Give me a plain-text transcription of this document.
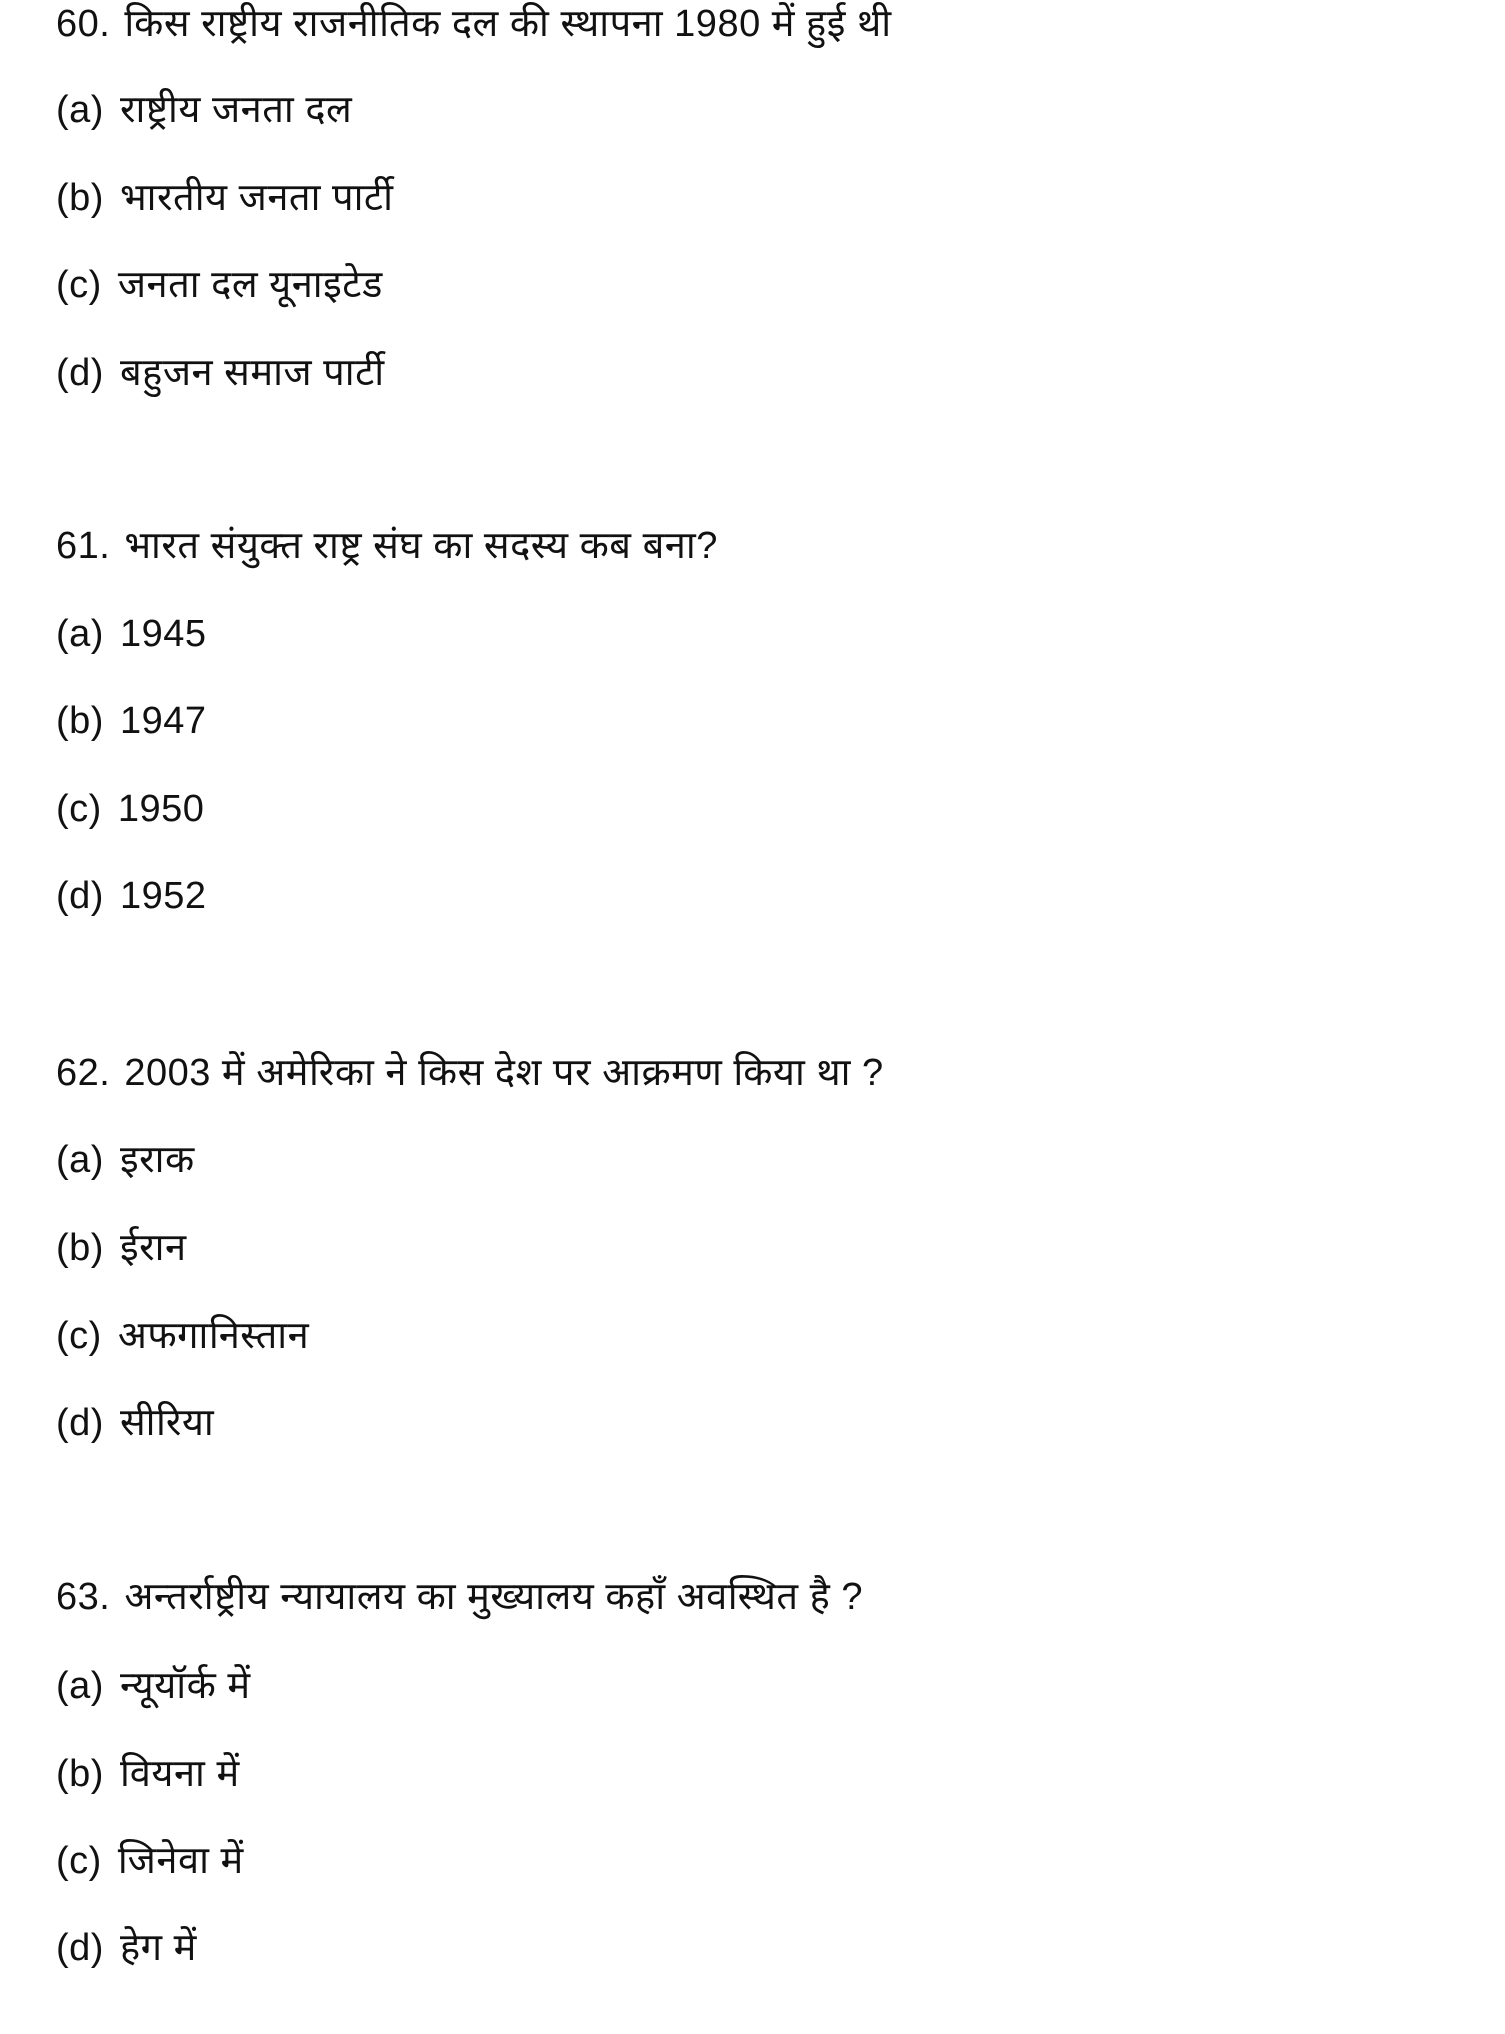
60. किस राष्ट्रीय राजनीतिक दल की स्थापना 1980 में हुई थी
(a) राष्ट्रीय जनता दल
(b) भारतीय जनता पार्टी
(c) जनता दल यूनाइटेड
(d) बहुजन समाज पार्टी
61. भारत संयुक्त राष्ट्र संघ का सदस्य कब बना?
(a) 1945
(b) 1947
(c) 1950
(d) 1952
62. 2003 में अमेरिका ने किस देश पर आक्रमण किया था ?
(a) इराक
(b) ईरान
(c) अफगानिस्तान
(d) सीरिया
63. अन्तर्राष्ट्रीय न्यायालय का मुख्यालय कहाँ अवस्थित है ?
(a) न्यूयॉर्क में
(b) वियना में
(c) जिनेवा में
(d) हेग में
